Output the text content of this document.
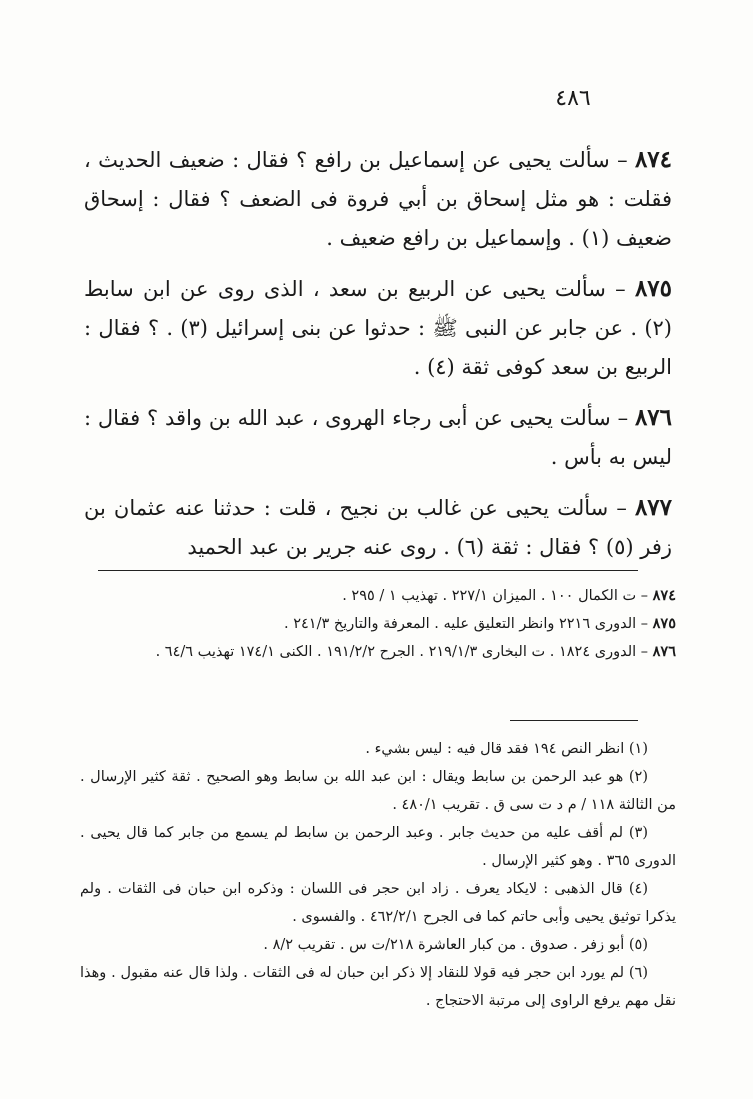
٤٨٦

٨٧٤ – سألت يحيى عن إسماعيل بن رافع ؟ فقال : ضعيف الحديث ، فقلت : هو مثل إسحاق بن أبي فروة فى الضعف ؟ فقال : إسحاق ضعيف (١) . وإسماعيل بن رافع ضعيف .

٨٧٥ – سألت يحيى عن الربيع بن سعد ، الذى روى عن ابن سابط (٢) . عن جابر عن النبى ﷺ : حدثوا عن بنى إسرائيل (٣) . ؟ فقال : الربيع بن سعد كوفى ثقة (٤) .

٨٧٦ – سألت يحيى عن أبى رجاء الهروى ، عبد الله بن واقد ؟ فقال : ليس به بأس .

٨٧٧ – سألت يحيى عن غالب بن نجيح ، قلت : حدثنا عنه عثمان بن زفر (٥) ؟ فقال : ثقة (٦) . روى عنه جرير بن عبد الحميد

٨٧٤ – ت الكمال ١٠٠ . الميزان ٢٢٧/١ . تهذيب ١ / ٢٩٥ .

٨٧٥ – الدورى ٢٢١٦ وانظر التعليق عليه . المعرفة والتاريخ ٢٤١/٣ .

٨٧٦ – الدورى ١٨٢٤ . ت البخارى ٢١٩/١/٣ . الجرح ١٩١/٢/٢ . الكنى ١٧٤/١ تهذيب ٦٤/٦ .

(١) انظر النص ١٩٤ فقد قال فيه : ليس بشيء .

(٢) هو عبد الرحمن بن سابط ويقال : ابن عبد الله بن سابط وهو الصحيح . ثقة كثير الإرسال . من الثالثة ١١٨ / م د ت سى ق . تقريب ٤٨٠/١ .

(٣) لم أقف عليه من حديث جابر . وعبد الرحمن بن سابط لم يسمع من جابر كما قال يحيى . الدورى ٣٦٥ . وهو كثير الإرسال .

(٤) قال الذهبى : لايكاد يعرف . زاد ابن حجر فى اللسان : وذكره ابن حبان فى الثقات . ولم يذكرا توثيق يحيى وأبى حاتم كما فى الجرح ٤٦٢/٢/١ . والفسوى .

(٥) أبو زفر . صدوق . من كبار العاشرة ٢١٨/ت س . تقريب ٨/٢ .

(٦) لم يورد ابن حجر فيه قولا للنقاد إلا ذكر ابن حبان له فى الثقات . ولذا قال عنه مقبول . وهذا نقل مهم يرفع الراوى إلى مرتبة الاحتجاج .
